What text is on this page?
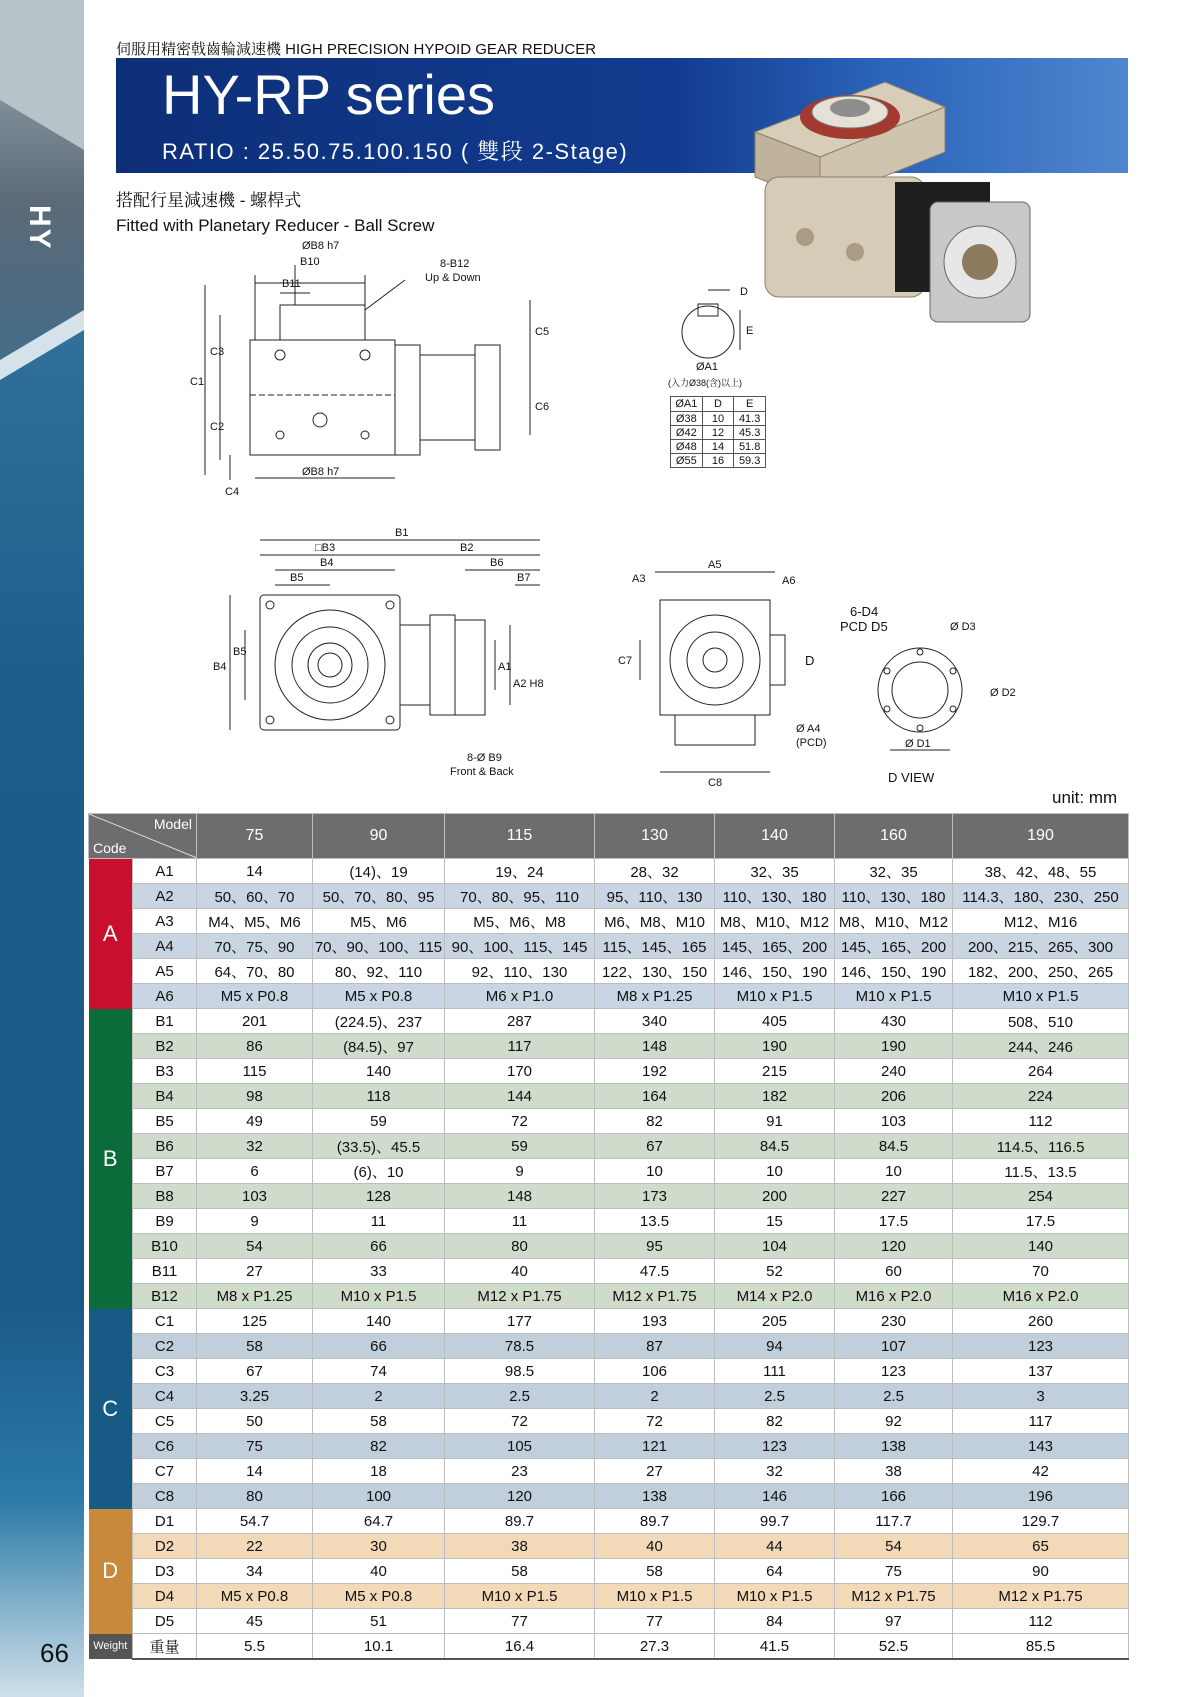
HY
66
伺服用精密戟齒輪減速機 HIGH PRECISION HYPOID GEAR REDUCER
HY-RP series
RATIO : 25.50.75.100.150 ( 雙段 2-Stage)
搭配行星減速機 - 螺桿式
Fitted with Planetary Reducer - Ball Screw
ØB8 h7
B10
B11
8-B12
Up & Down
C1
C3
C2
C4
C5
C6
ØB8 h7
D
E
ØA1
(入力Ø38(含)以上)
ØA1	D	E
Ø38	10	41.3
Ø42	12	45.3
Ø48	14	51.8
Ø55	16	59.3
B1
□B3	B2
B4	B6
B5	B7
B4
B5
A1
A2 H8
8-Ø B9
Front & Back
A5
A3	A6
C7
C8
Ø A4
(PCD)
D
6-D4
PCD D5	Ø D3
Ø D2
Ø D1
D VIEW
unit: mm
Model
Code		75	90	115	130	140	160	190
A	A1	14	(14)、19	19、24	28、32	32、35	32、35	38、42、48、55
	A2	50、60、70	50、70、80、95	70、80、95、110	95、110、130	110、130、180	110、130、180	114.3、180、230、250
	A3	M4、M5、M6	M5、M6	M5、M6、M8	M6、M8、M10	M8、M10、M12	M8、M10、M12	M12、M16
	A4	70、75、90	70、90、100、115	90、100、115、145	115、145、165	145、165、200	145、165、200	200、215、265、300
	A5	64、70、80	80、92、110	92、110、130	122、130、150	146、150、190	146、150、190	182、200、250、265
	A6	M5 x P0.8	M5 x P0.8	M6 x P1.0	M8 x P1.25	M10 x P1.5	M10 x P1.5	M10 x P1.5
B	B1	201	(224.5)、237	287	340	405	430	508、510
	B2	86	(84.5)、97	117	148	190	190	244、246
	B3	115	140	170	192	215	240	264
	B4	98	118	144	164	182	206	224
	B5	49	59	72	82	91	103	112
	B6	32	(33.5)、45.5	59	67	84.5	84.5	114.5、116.5
	B7	6	(6)、10	9	10	10	10	11.5、13.5
	B8	103	128	148	173	200	227	254
	B9	9	11	11	13.5	15	17.5	17.5
	B10	54	66	80	95	104	120	140
	B11	27	33	40	47.5	52	60	70
	B12	M8 x P1.25	M10 x P1.5	M12 x P1.75	M12 x P1.75	M14 x P2.0	M16 x P2.0	M16 x P2.0
C	C1	125	140	177	193	205	230	260
	C2	58	66	78.5	87	94	107	123
	C3	67	74	98.5	106	111	123	137
	C4	3.25	2	2.5	2	2.5	2.5	3
	C5	50	58	72	72	82	92	117
	C6	75	82	105	121	123	138	143
	C7	14	18	23	27	32	38	42
	C8	80	100	120	138	146	166	196
D	D1	54.7	64.7	89.7	89.7	99.7	117.7	129.7
	D2	22	30	38	40	44	54	65
	D3	34	40	58	58	64	75	90
	D4	M5 x P0.8	M5 x P0.8	M10 x P1.5	M10 x P1.5	M10 x P1.5	M12 x P1.75	M12 x P1.75
	D5	45	51	77	77	84	97	112
Weight	重量	5.5	10.1	16.4	27.3	41.5	52.5	85.5
